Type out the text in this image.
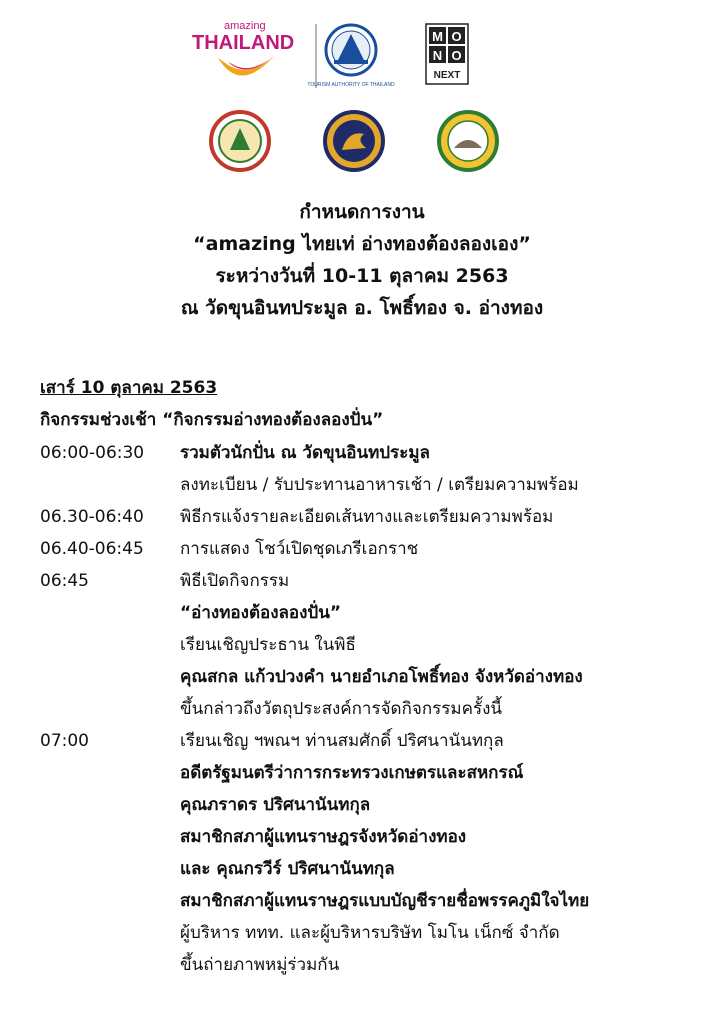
amazing
THAILAND
TOURISM AUTHORITY OF THAILAND
M O
N O
NEXT
กำหนดการงาน
“amazing ไทยเท่ อ่างทองต้องลองเอง”
ระหว่างวันที่ 10-11 ตุลาคม 2563
ณ วัดขุนอินทประมูล อ. โพธิ์ทอง จ. อ่างทอง
เสาร์ 10 ตุลาคม 2563
กิจกรรมช่วงเช้า “กิจกรรมอ่างทองต้องลองปั่น”
06:00-06:30	รวมตัวนักปั่น ณ วัดขุนอินทประมูล
ลงทะเบียน / รับประทานอาหารเช้า / เตรียมความพร้อม
06.30-06:40	พิธีกรแจ้งรายละเอียดเส้นทางและเตรียมความพร้อม
06.40-06:45	การแสดง โชว์เปิดชุดเภรีเอกราช
06:45	พิธีเปิดกิจกรรม
“อ่างทองต้องลองปั่น”
เรียนเชิญประธาน ในพิธี
คุณสกล แก้วปวงคำ นายอำเภอโพธิ์ทอง จังหวัดอ่างทอง
ขึ้นกล่าวถึงวัตถุประสงค์การจัดกิจกรรมครั้งนี้
07:00	เรียนเชิญ ฯพณฯ ท่านสมศักดิ์ ปริศนานันทกุล
อดีตรัฐมนตรีว่าการกระทรวงเกษตรและสหกรณ์
คุณภราดร ปริศนานันทกุล
สมาชิกสภาผู้แทนราษฎรจังหวัดอ่างทอง
และ คุณกรวีร์ ปริศนานันทกุล
สมาชิกสภาผู้แทนราษฎรแบบบัญชีรายชื่อพรรคภูมิใจไทย
ผู้บริหาร ททท. และผู้บริหารบริษัท โมโน เน็กซ์ จำกัด
ขึ้นถ่ายภาพหมู่ร่วมกัน
